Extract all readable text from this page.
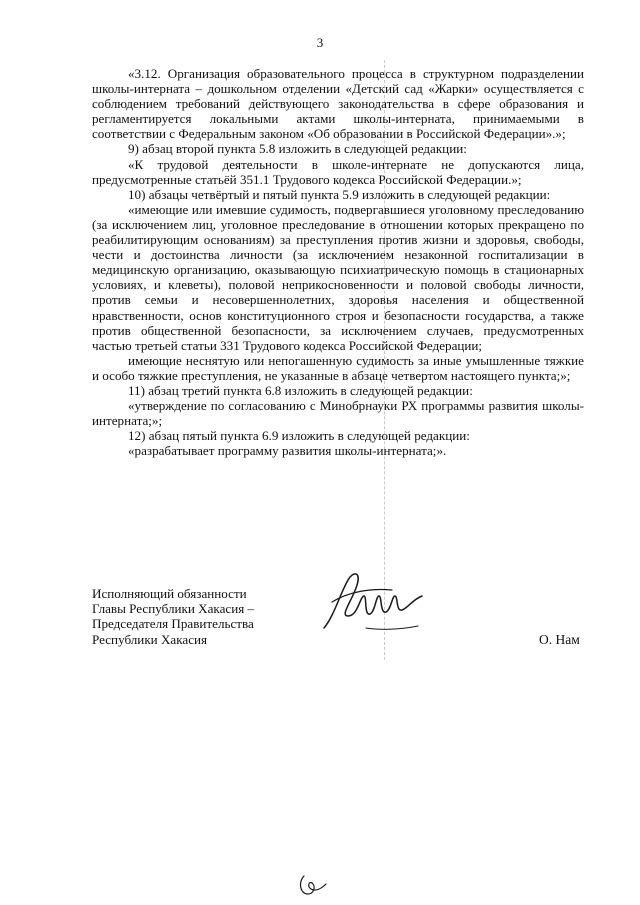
3

«3.12. Организация образовательного процесса в структурном подразделении школы-интерната – дошкольном отделении «Детский сад «Жарки» осуществляется с соблюдением требований действующего законодательства в сфере образования и регламентируется локальными актами школы-интерната, принимаемыми в соответствии с Федеральным законом «Об образовании в Российской Федерации».»;

9) абзац второй пункта 5.8 изложить в следующей редакции:

«К трудовой деятельности в школе-интернате не допускаются лица, предусмотренные статьёй 351.1 Трудового кодекса Российской Федерации.»;

10) абзацы четвёртый и пятый пункта 5.9 изложить в следующей редакции:

«имеющие или имевшие судимость, подвергавшиеся уголовному преследованию (за исключением лиц, уголовное преследование в отношении которых прекращено по реабилитирующим основаниям) за преступления против жизни и здоровья, свободы, чести и достоинства личности (за исключением незаконной госпитализации в медицинскую организацию, оказывающую психиатрическую помощь в стационарных условиях, и клеветы), половой неприкосновенности и половой свободы личности, против семьи и несовершеннолетних, здоровья населения и общественной нравственности, основ конституционного строя и безопасности государства, а также против общественной безопасности, за исключением случаев, предусмотренных частью третьей статьи 331 Трудового кодекса Российской Федерации;

имеющие неснятую или непогашенную судимость за иные умышленные тяжкие и особо тяжкие преступления, не указанные в абзаце четвертом настоящего пункта;»;

11) абзац третий пункта 6.8 изложить в следующей редакции:

«утверждение по согласованию с Минобрнауки РХ программы развития школы-интерната;»;

12) абзац пятый пункта 6.9 изложить в следующей редакции:

«разрабатывает программу развития школы-интерната;».

Исполняющий обязанности
Главы Республики Хакасия –
Председателя Правительства
Республики Хакасия	О. Нам
